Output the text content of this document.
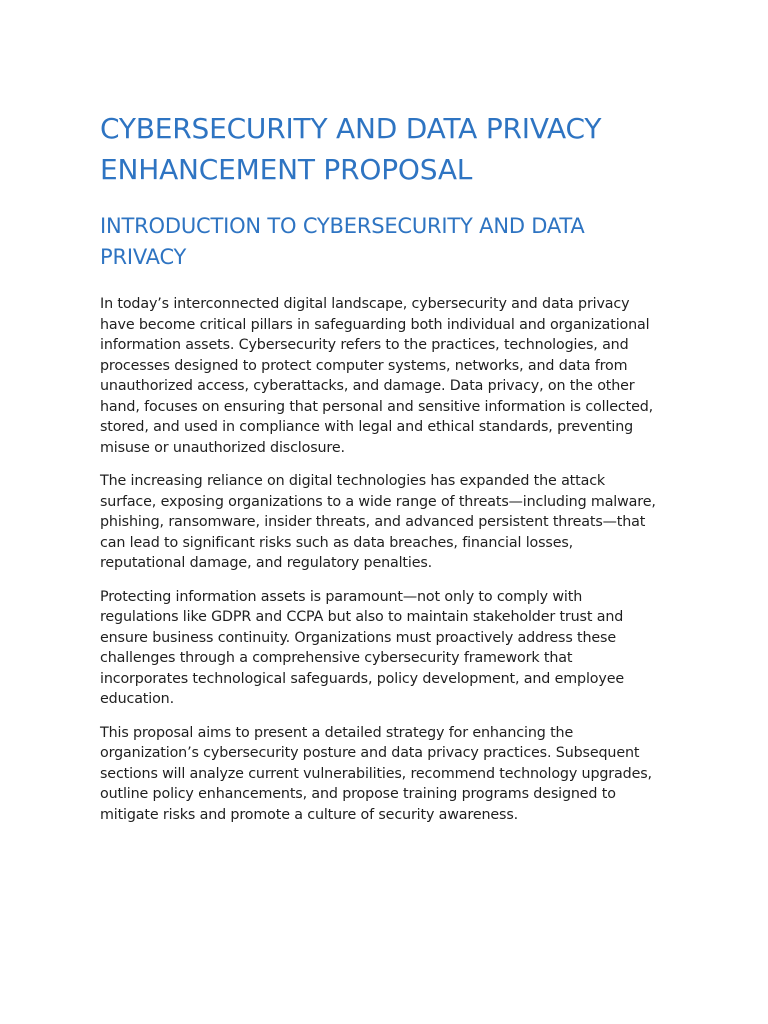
CYBERSECURITY AND DATA PRIVACY ENHANCEMENT PROPOSAL
INTRODUCTION TO CYBERSECURITY AND DATA PRIVACY

In today’s interconnected digital landscape, cybersecurity and data privacy have become critical pillars in safeguarding both individual and organizational information assets. Cybersecurity refers to the practices, technologies, and processes designed to protect computer systems, networks, and data from unauthorized access, cyberattacks, and damage. Data privacy, on the other hand, focuses on ensuring that personal and sensitive information is collected, stored, and used in compliance with legal and ethical standards, preventing misuse or unauthorized disclosure.

The increasing reliance on digital technologies has expanded the attack surface, exposing organizations to a wide range of threats—including malware, phishing, ransomware, insider threats, and advanced persistent threats—that can lead to significant risks such as data breaches, financial losses, reputational damage, and regulatory penalties.

Protecting information assets is paramount—not only to comply with regulations like GDPR and CCPA but also to maintain stakeholder trust and ensure business continuity. Organizations must proactively address these challenges through a comprehensive cybersecurity framework that incorporates technological safeguards, policy development, and employee education.

This proposal aims to present a detailed strategy for enhancing the organization’s cybersecurity posture and data privacy practices. Subsequent sections will analyze current vulnerabilities, recommend technology upgrades, outline policy enhancements, and propose training programs designed to mitigate risks and promote a culture of security awareness.
